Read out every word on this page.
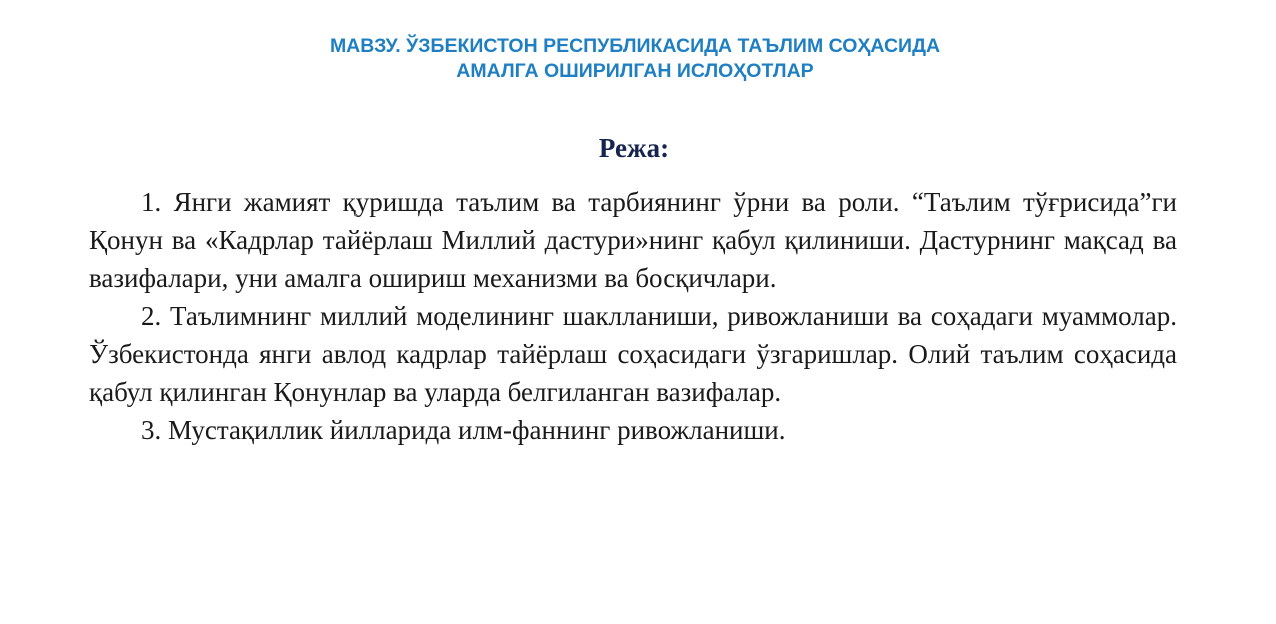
МАВЗУ. ЎЗБЕКИСТОН РЕСПУБЛИКАСИДА ТАЪЛИМ СОҲАСИДА
АМАЛГА ОШИРИЛГАН ИСЛОҲОТЛАР
Режа:
1. Янги жамият қуришда таълим ва тарбиянинг ўрни ва роли. “Таълим тўғрисида”ги Қонун ва «Кадрлар тайёрлаш Миллий дастури»нинг қабул қилиниши. Дастурнинг мақсад ва вазифалари, уни амалга ошириш механизми ва босқичлари.
2. Таълимнинг миллий моделининг шаклланиши, ривожланиши ва соҳадаги муаммолар. Ўзбекистонда янги авлод кадрлар тайёрлаш соҳасидаги ўзгаришлар. Олий таълим соҳасида қабул қилинган Қонунлар ва уларда белгиланган вазифалар.
3. Мустақиллик йилларида илм-фаннинг ривожланиши.
